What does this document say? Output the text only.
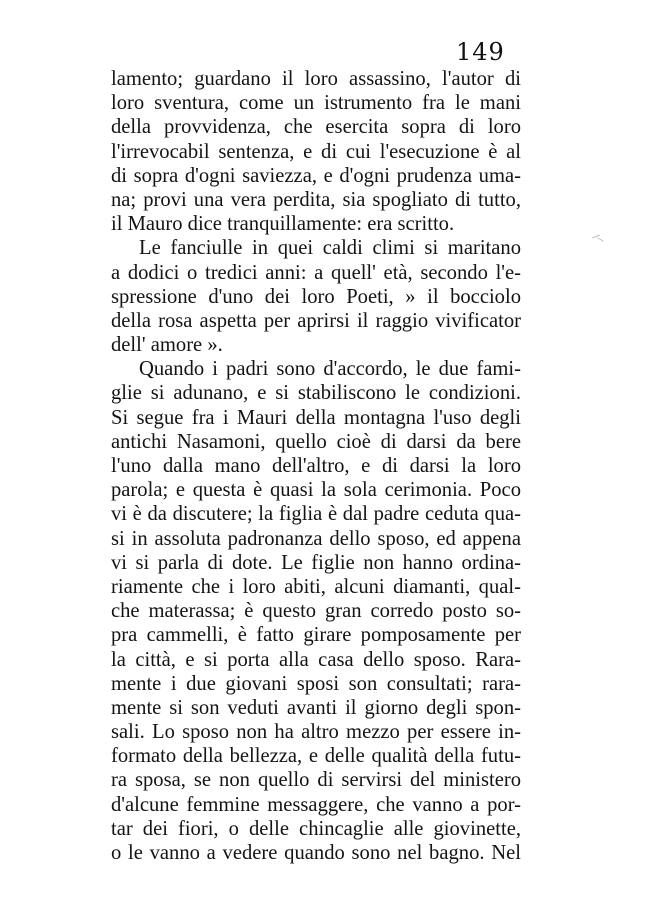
149
lamento; guardano il loro assassino, l'autor di
loro sventura, come un istrumento fra le mani
della provvidenza, che esercita sopra di loro
l'irrevocabil sentenza, e di cui l'esecuzione è al
di sopra d'ogni saviezza, e d'ogni prudenza uma-
na; provi una vera perdita, sia spogliato di tutto,
il Mauro dice tranquillamente: era scritto.
Le fanciulle in quei caldi climi si maritano
a dodici o tredici anni: a quell' età, secondo l'e-
spressione d'uno dei loro Poeti, » il bocciolo
della rosa aspetta per aprirsi il raggio vivificator
dell' amore ».
Quando i padri sono d'accordo, le due fami-
glie si adunano, e si stabiliscono le condizioni.
Si segue fra i Mauri della montagna l'uso degli
antichi Nasamoni, quello cioè di darsi da bere
l'uno dalla mano dell'altro, e di darsi la loro
parola; e questa è quasi la sola cerimonia. Poco
vi è da discutere; la figlia è dal padre ceduta qua-
si in assoluta padronanza dello sposo, ed appena
vi si parla di dote. Le figlie non hanno ordina-
riamente che i loro abiti, alcuni diamanti, qual-
che materassa; è questo gran corredo posto so-
pra cammelli, è fatto girare pomposamente per
la città, e si porta alla casa dello sposo. Rara-
mente i due giovani sposi son consultati; rara-
mente si son veduti avanti il giorno degli spon-
sali. Lo sposo non ha altro mezzo per essere in-
formato della bellezza, e delle qualità della futu-
ra sposa, se non quello di servirsi del ministero
d'alcune femmine messaggere, che vanno a por-
tar dei fiori, o delle chincaglie alle giovinette,
o le vanno a vedere quando sono nel bagno. Nel
